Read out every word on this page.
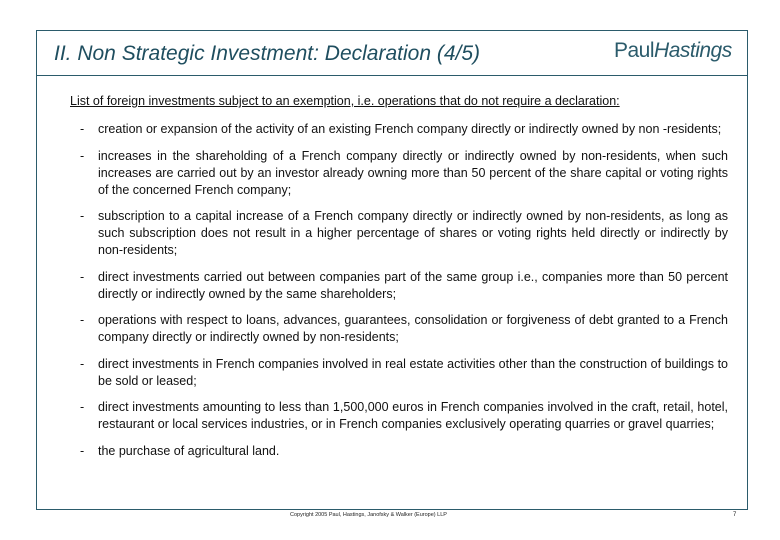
II. Non Strategic Investment: Declaration (4/5)	PaulHastings
List of foreign investments subject to an exemption, i.e. operations that do not require a declaration:
- creation or expansion of the activity of an existing French company directly or indirectly owned by non -residents;
- increases in the shareholding of a French company directly or indirectly owned by non-residents, when such increases are carried out by an investor already owning more than 50 percent of the share capital or voting rights of the concerned French company;
- subscription to a capital increase of a French company directly or indirectly owned by non-residents, as long as such subscription does not result in a higher percentage of shares or voting rights held directly or indirectly by non-residents;
- direct investments carried out between companies part of the same group i.e., companies more than 50 percent directly or indirectly owned by the same shareholders;
- operations with respect to loans, advances, guarantees, consolidation or forgiveness of debt granted to a French company directly or indirectly owned by non-residents;
- direct investments in French companies involved in real estate activities other than the construction of buildings to be sold or leased;
- direct investments amounting to less than 1,500,000 euros in French companies involved in the craft, retail, hotel, restaurant or local services industries, or in French companies exclusively operating quarries or gravel quarries;
- the purchase of agricultural land.
Copyright 2005 Paul, Hastings, Janofsky & Walker (Europe) LLP	7
